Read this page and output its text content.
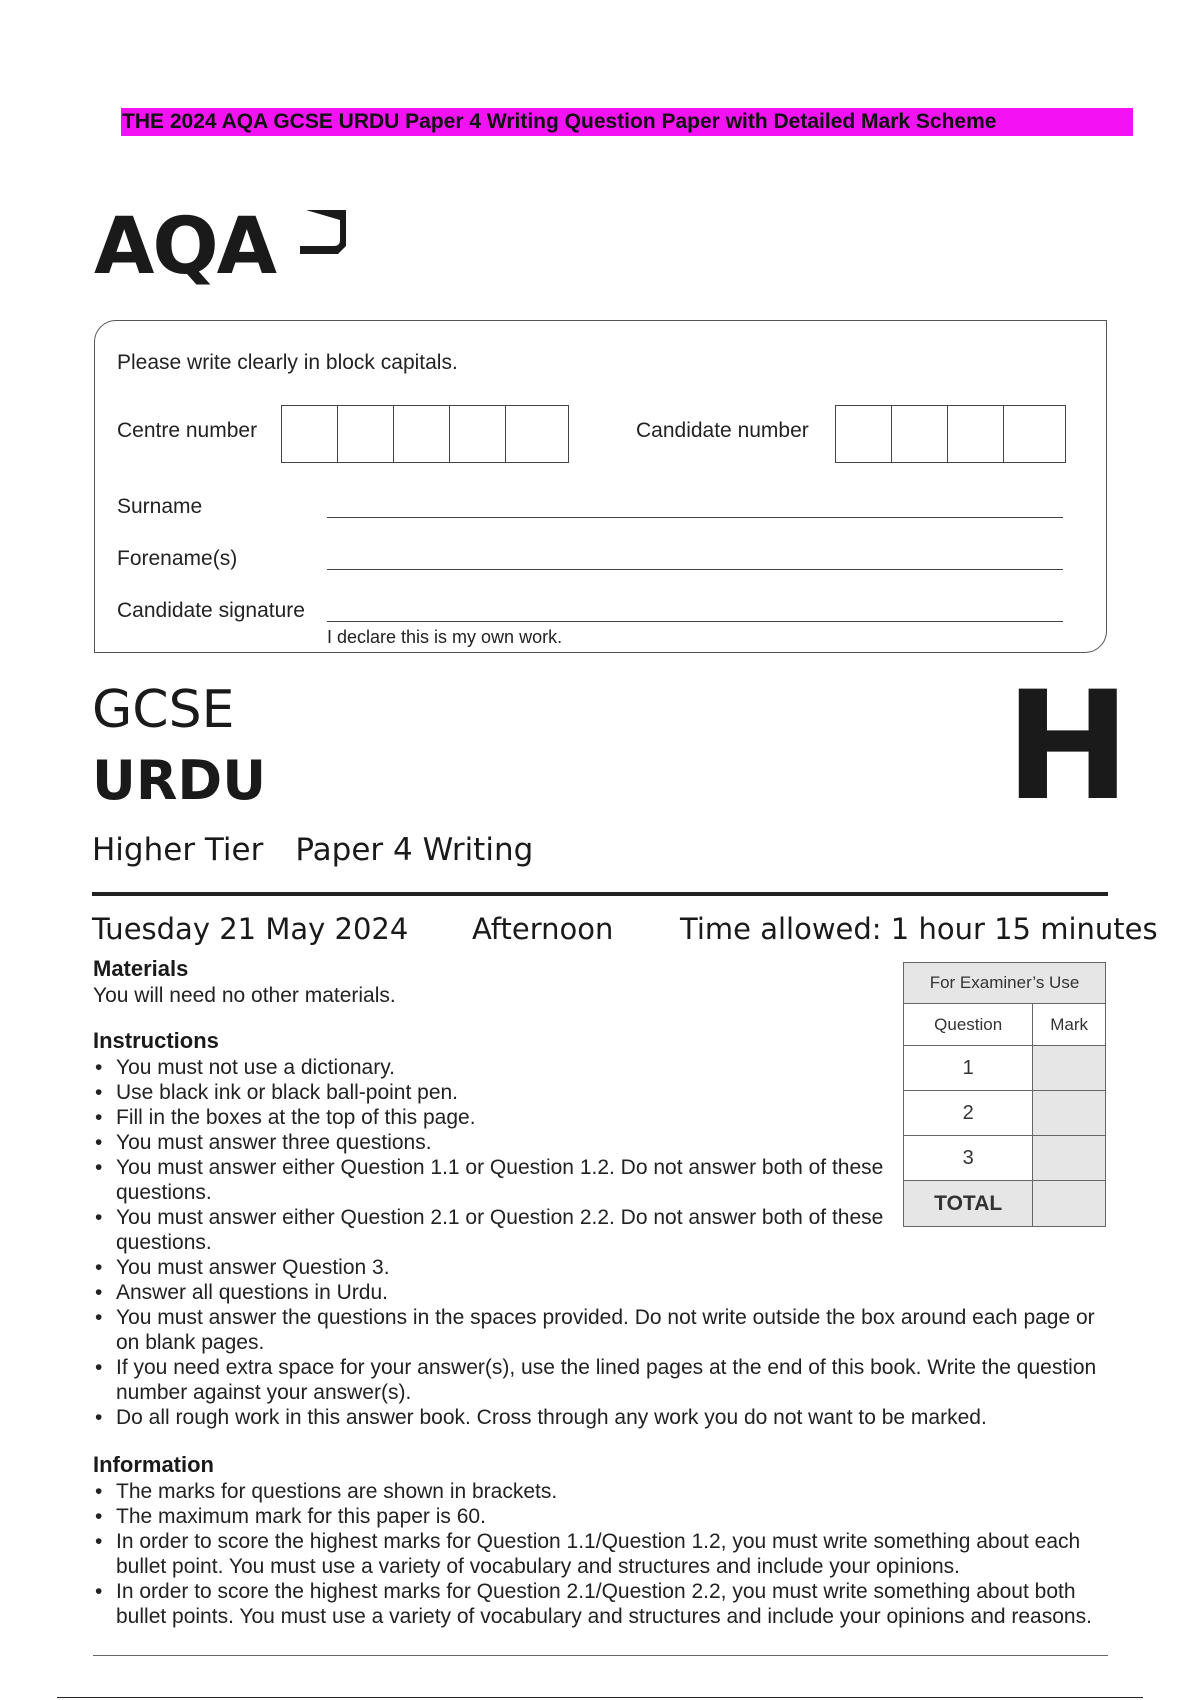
THE 2024 AQA GCSE URDU Paper 4 Writing Question Paper with Detailed Mark Scheme
AQA
Please write clearly in block capitals.
Centre number	Candidate number
Surname
Forename(s)
Candidate signature
I declare this is my own work.
GCSE
URDU
Higher Tier Paper 4 Writing
H
Tuesday 21 May 2024 Afternoon Time allowed: 1 hour 15 minutes
Materials
You will need no other materials.
Instructions
• You must not use a dictionary.
• Use black ink or black ball-point pen.
• Fill in the boxes at the top of this page.
• You must answer three questions.
• You must answer either Question 1.1 or Question 1.2. Do not answer both of these questions.
• You must answer either Question 2.1 or Question 2.2. Do not answer both of these questions.
• You must answer Question 3.
• Answer all questions in Urdu.
• You must answer the questions in the spaces provided. Do not write outside the box around each page or on blank pages.
• If you need extra space for your answer(s), use the lined pages at the end of this book. Write the question number against your answer(s).
• Do all rough work in this answer book. Cross through any work you do not want to be marked.
Information
• The marks for questions are shown in brackets.
• The maximum mark for this paper is 60.
• In order to score the highest marks for Question 1.1/Question 1.2, you must write something about each bullet point. You must use a variety of vocabulary and structures and include your opinions.
• In order to score the highest marks for Question 2.1/Question 2.2, you must write something about both bullet points. You must use a variety of vocabulary and structures and include your opinions and reasons.
For Examiner’s Use	
Question	Mark
1	
2	
3	
TOTAL	
